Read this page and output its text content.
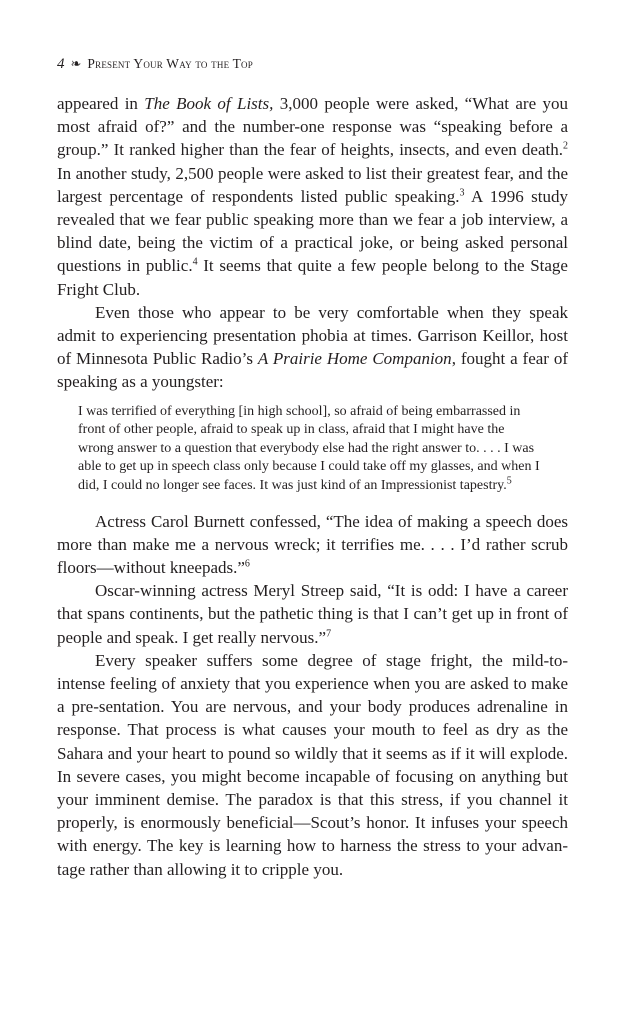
4 ❧ Present Your Way to the Top

appeared in The Book of Lists, 3,000 people were asked, “What are you most afraid of?” and the number-one response was “speaking before a group.” It ranked higher than the fear of heights, insects, and even death.$^2$ In another study, 2,500 people were asked to list their greatest fear, and the largest percentage of respondents listed public speaking.$^3$ A 1996 study revealed that we fear public speaking more than we fear a job interview, a blind date, being the victim of a practical joke, or being asked personal questions in public.$^4$ It seems that quite a few people belong to the Stage Fright Club.

Even those who appear to be very comfortable when they speak admit to experiencing presentation phobia at times. Garrison Keillor, host of Minnesota Public Radio’s A Prairie Home Companion, fought a fear of speaking as a youngster:

I was terrified of everything [in high school], so afraid of being embarrassed in front of other people, afraid to speak up in class, afraid that I might have the wrong answer to a question that everybody else had the right answer to. . . . I was able to get up in speech class only because I could take off my glasses, and when I did, I could no longer see faces. It was just kind of an Impressionist tapestry.$^5$

Actress Carol Burnett confessed, “The idea of making a speech does more than make me a nervous wreck; it terrifies me. . . . I’d rather scrub floors—without kneepads.”$^6$

Oscar-winning actress Meryl Streep said, “It is odd: I have a career that spans continents, but the pathetic thing is that I can’t get up in front of people and speak. I get really nervous.”$^7$

Every speaker suffers some degree of stage fright, the mild-to-intense feeling of anxiety that you experience when you are asked to make a pre-sentation. You are nervous, and your body produces adrenaline in response. That process is what causes your mouth to feel as dry as the Sahara and your heart to pound so wildly that it seems as if it will explode. In severe cases, you might become incapable of focusing on anything but your imminent demise. The paradox is that this stress, if you channel it properly, is enormously beneficial—Scout’s honor. It infuses your speech with energy. The key is learning how to harness the stress to your advantage rather than allowing it to cripple you.
